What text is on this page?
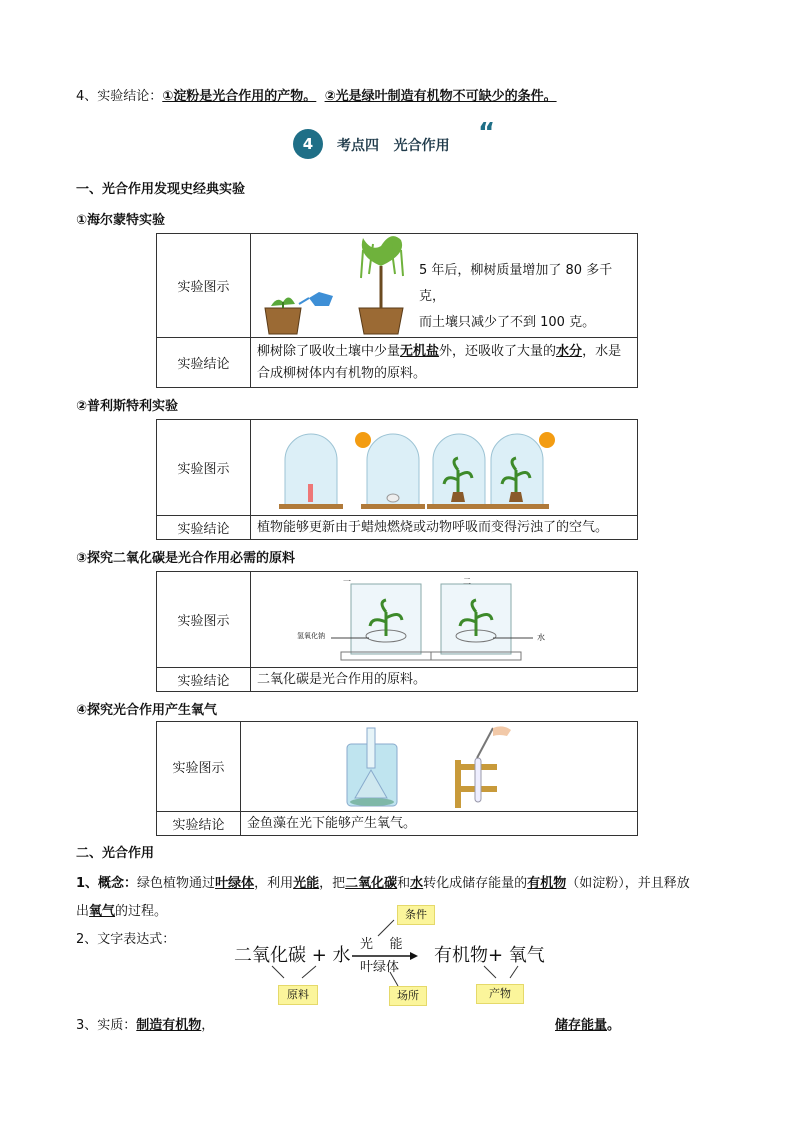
4、实验结论：①淀粉是光合作用的产物。 ②光是绿叶制造有机物不可缺少的条件。
4	考点四   光合作用 “
一、光合作用发现史经典实验
①海尔蒙特实验
实验图示	5 年后，柳树质量增加了 80 多千克，
而土壤只减少了不到 100 克。

实验结论	柳树除了吸收土壤中少量无机盐外，还吸收了大量的水分，水是合成柳树体内有机物的原料。
②普利斯特利实验
实验图示	

实验结论	植物能够更新由于蜡烛燃烧或动物呼吸而变得污浊了的空气。
③探究二氧化碳是光合作用必需的原料
实验图示	氢氧化钠 水
一 二

实验结论	二氧化碳是光合作用的原料。
④探究光合作用产生氧气
实验图示	

实验结论	金鱼藻在光下能够产生氧气。
二、光合作用
1、概念：绿色植物通过叶绿体，利用光能，把二氧化碳和水转化成储存能量的有机物（如淀粉），并且释放
出氧气的过程。
2、文字表达式：
二氧化碳 + 水
光    能
叶绿体
有机物+ 氧气
条件
原料	场所	产物
3、实质：制造有机物，	储存能量。
